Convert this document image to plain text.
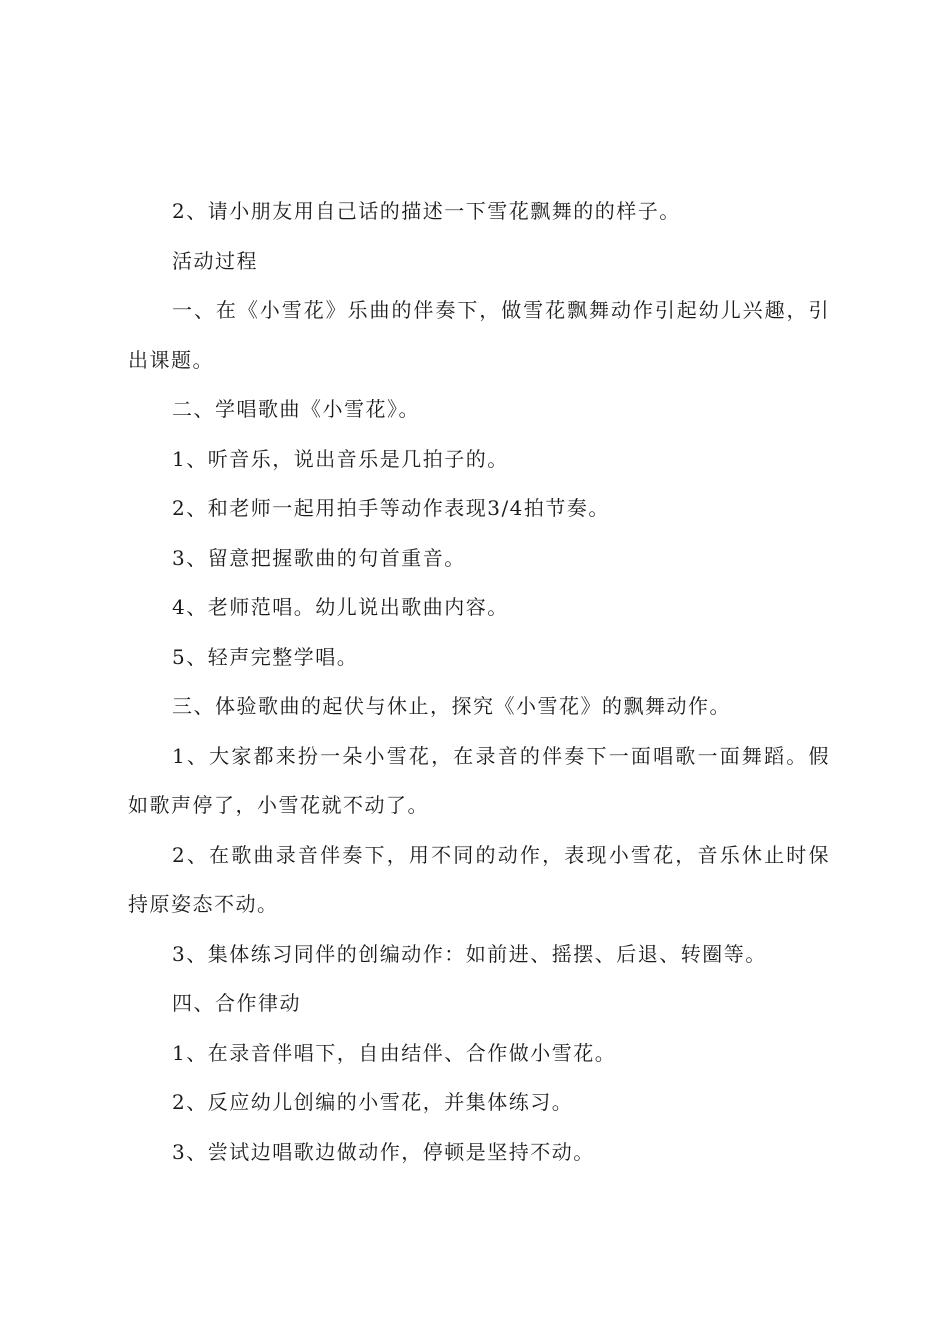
2、请小朋友用自己话的描述一下雪花飘舞的的样子。

活动过程

一、在《小雪花》乐曲的伴奏下，做雪花飘舞动作引起幼儿兴趣，引出课题。

二、学唱歌曲《小雪花》。

1、听音乐，说出音乐是几拍子的。

2、和老师一起用拍手等动作表现3/4拍节奏。

3、留意把握歌曲的句首重音。

4、老师范唱。幼儿说出歌曲内容。

5、轻声完整学唱。

三、体验歌曲的起伏与休止，探究《小雪花》的飘舞动作。

1、大家都来扮一朵小雪花，在录音的伴奏下一面唱歌一面舞蹈。假如歌声停了，小雪花就不动了。

2、在歌曲录音伴奏下，用不同的动作，表现小雪花，音乐休止时保持原姿态不动。

3、集体练习同伴的创编动作：如前进、摇摆、后退、转圈等。

四、合作律动

1、在录音伴唱下，自由结伴、合作做小雪花。

2、反应幼儿创编的小雪花，并集体练习。

3、尝试边唱歌边做动作，停顿是坚持不动。
